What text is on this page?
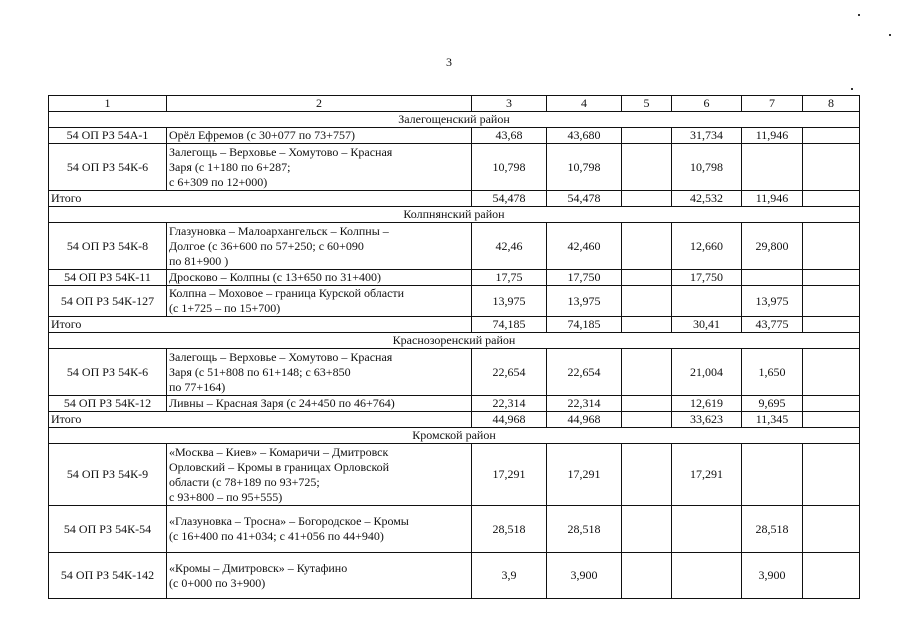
3
1	2	3	4	5	6	7	8
Залегощенский район							
54 ОП РЗ 54А-1	Орёл Ефремов (с 30+077 по 73+757)	43,68	43,680		31,734	11,946	
54 ОП РЗ 54К-6	Залегощь – Верховье – Хомутово – Красная
Заря (с 1+180 по 6+287;
с 6+309 по 12+000)	10,798	10,798		10,798		
Итого		54,478	54,478		42,532	11,946	
Колпнянский район							
54 ОП РЗ 54К-8	Глазуновка – Малоархангельск – Колпны –
Долгое (с 36+600 по 57+250; с 60+090
по 81+900 )	42,46	42,460		12,660	29,800	
54 ОП РЗ 54К-11	Дросково – Колпны (с 13+650 по 31+400)	17,75	17,750		17,750		
54 ОП РЗ 54К-127	Колпна – Моховое – граница Курской области
(с 1+725 – по 15+700)	13,975	13,975			13,975	
Итого		74,185	74,185		30,41	43,775	
Краснозоренский район							
54 ОП РЗ 54К-6	Залегощь – Верховье – Хомутово – Красная
Заря (с 51+808 по 61+148; с 63+850
по 77+164)	22,654	22,654		21,004	1,650	
54 ОП РЗ 54К-12	Ливны – Красная Заря (с 24+450 по 46+764)	22,314	22,314		12,619	9,695	
Итого		44,968	44,968		33,623	11,345	
Кромской район							
54 ОП РЗ 54К-9	«Москва – Киев» – Комаричи – Дмитровск
Орловский – Кромы в границах Орловской
области (с 78+189 по 93+725;
с 93+800 – по 95+555)	17,291	17,291		17,291		
54 ОП РЗ 54К-54	«Глазуновка – Тросна» – Богородское – Кромы
(с 16+400 по 41+034; с 41+056 по 44+940)	28,518	28,518			28,518	
54 ОП РЗ 54К-142	«Кромы – Дмитровск» – Кутафино
(с 0+000 по 3+900)	3,9	3,900			3,900	
